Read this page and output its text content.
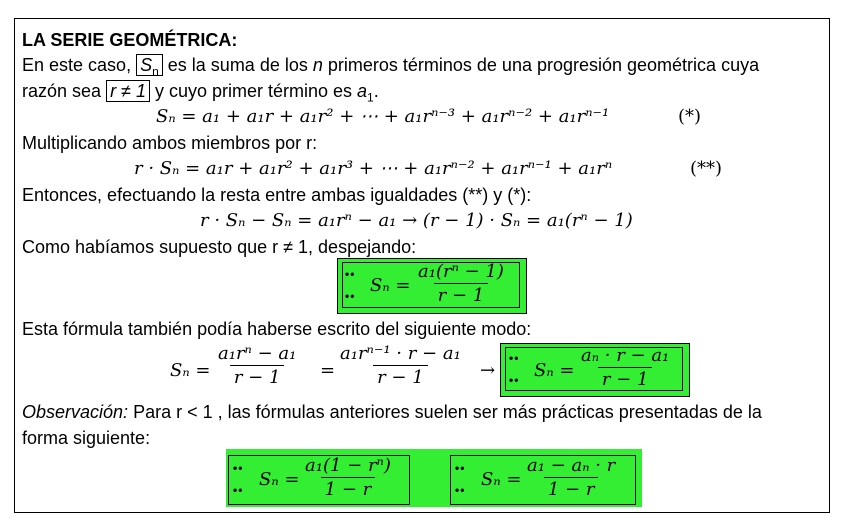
LA SERIE GEOMÉTRICA:
En este caso, $S_n$ es la suma de los n primeros términos de una progresión geométrica cuya
razón sea r ≠ 1 y cuyo primer término es $a_1$.
Sₙ = a₁ + a₁r + a₁r² + ⋯ + a₁rⁿ⁻³ + a₁rⁿ⁻² + a₁rⁿ⁻¹	(*)
Multiplicando ambos miembros por r:
r · Sₙ = a₁r + a₁r² + a₁r³ + ⋯ + a₁rⁿ⁻² + a₁rⁿ⁻¹ + a₁rⁿ	(**)
Entonces, efectuando la resta entre ambas igualdades (**) y (*):
r · Sₙ − Sₙ = a₁rⁿ − a₁ → (r − 1) · Sₙ = a₁(rⁿ − 1)
Como habíamos supuesto que r ≠ 1, despejando:
••
•• $S_n = \frac{\text{a₁(rⁿ − 1)}}{r - 1}$
Esta fórmula también podía haberse escrito del siguiente modo:
$S_n = \frac{\text{a₁rⁿ − a₁}}{r - 1} = \frac{\text{a₁rⁿ⁻¹ · r − a₁}}{r - 1}$ →
••
•• $S_n = \frac{\text{aₙ · r − a₁}}{r - 1}$
Observación: Para r < 1 , las fórmulas anteriores suelen ser más prácticas presentadas de la
forma siguiente:
••
•• $S_n = \frac{\text{a₁(1 − rⁿ)}}{1 - r}$	••
•• $S_n = \frac{\text{a₁ − aₙ · r}}{1 - r}$
